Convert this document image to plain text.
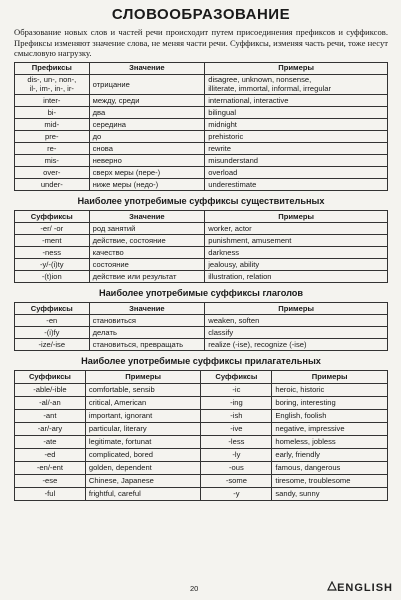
СЛОВООБРАЗОВАНИЕ

Образование новых слов и частей речи происходит путем присоединения префиксов и суффиксов. Префиксы изменяют значение слова, не меняя части речи. Суффиксы, изменяя часть речи, тоже несут смысловую нагрузку.

Префиксы	Значение	Примеры
dis-, un-, non-,
il-, im-, in-, ir-	отрицание	disagree, unknown, nonsense,
illiterate, immortal, informal, irregular
inter-	между, среди	international, interactive
bi-	два	bilingual
mid-	середина	midnight
pre-	до	prehistoric
re-	снова	rewrite
mis-	неверно	misunderstand
over-	сверх меры (пере-)	overload
under-	ниже меры (недо-)	underestimate
Наиболее употребимые суффиксы существительных
Суффиксы	Значение	Примеры
-er/ -or	род занятий	worker, actor
-ment	действие, состояние	punishment, amusement
-ness	качество	darkness
-y/-(i)ty	состояние	jealousy, ability
-(t)ion	действие или результат	illustration, relation
Наиболее употребимые суффиксы глаголов
Суффиксы	Значение	Примеры
-en	становиться	weaken, soften
-(i)fy	делать	classify
-ize/-ise	становиться, превращать	realize (-ise), recognize (-ise)
Наиболее употребимые суффиксы прилагательных
Суффиксы	Примеры	Суффиксы	Примеры
-able/-ible	comfortable, sensib	-ic	heroic, historic
-al/-an	critical, American	-ing	boring, interesting
-ant	important, ignorant	-ish	English, foolish
-ar/-ary	particular, literary	-ive	negative, impressive
-ate	legitimate, fortunat	-less	homeless, jobless
-ed	complicated, bored	-ly	early, friendly
-en/-ent	golden, dependent	-ous	famous, dangerous
-ese	Chinese, Japanese	-some	tiresome, troublesome
-ful	frightful, careful	-y	sandy, sunny
20	ENGLISH
